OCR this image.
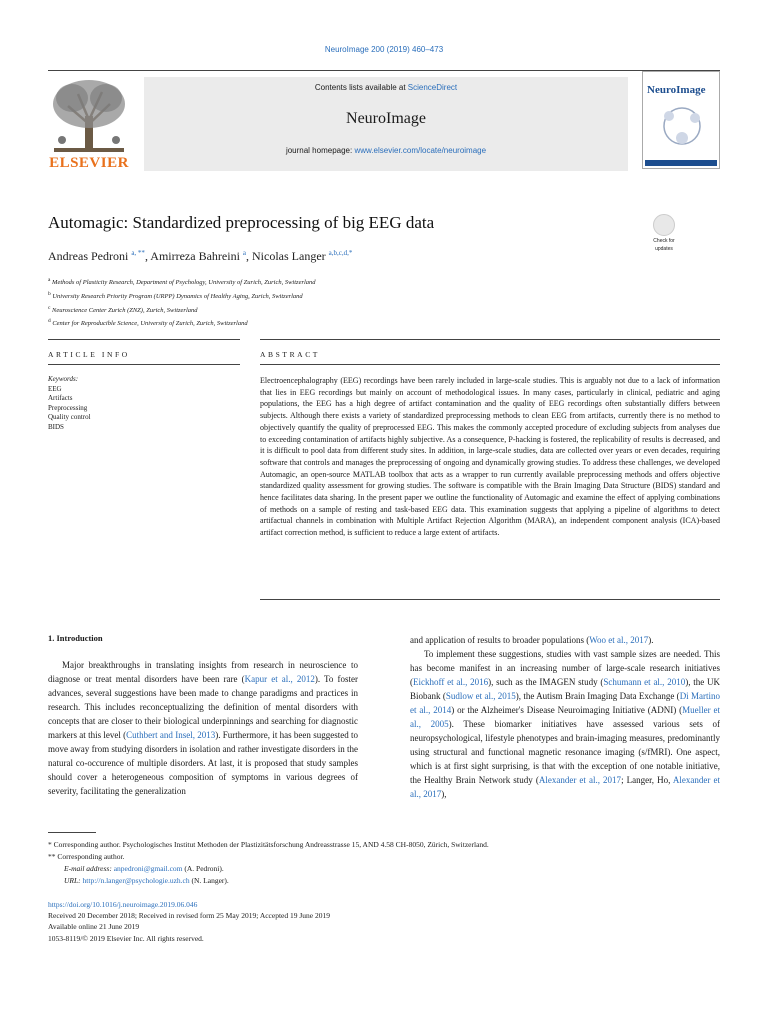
NeuroImage 200 (2019) 460–473
ELSEVIER
Contents lists available at ScienceDirect
NeuroImage
journal homepage: www.elsevier.com/locate/neuroimage
NeuroImage
Automagic: Standardized preprocessing of big EEG data
Check for
updates
Andreas Pedroni $^{a, **}$, Amirreza Bahreini $^a$, Nicolas Langer $^{a,b,c,d,*}$
$^a$ Methods of Plasticity Research, Department of Psychology, University of Zurich, Zurich, Switzerland
$^b$ University Research Priority Program (URPP) Dynamics of Healthy Aging, Zurich, Switzerland
$^c$ Neuroscience Center Zurich (ZNZ), Zurich, Switzerland
$^d$ Center for Reproducible Science, University of Zurich, Zurich, Switzerland
ARTICLE INFO	ABSTRACT
Keywords:
EEG
Artifacts
Preprocessing
Quality control
BIDS
Electroencephalography (EEG) recordings have been rarely included in large-scale studies. This is arguably not due to a lack of information that lies in EEG recordings but mainly on account of methodological issues. In many cases, particularly in clinical, pediatric and aging populations, the EEG has a high degree of artifact contamination and the quality of EEG recordings often substantially differs between subjects. Although there exists a variety of standardized preprocessing methods to clean EEG from artifacts, currently there is no method to objectively quantify the quality of preprocessed EEG. This makes the commonly accepted procedure of excluding subjects from analyses due to exceeding contamination of artifacts highly subjective. As a consequence, P-hacking is fostered, the replicability of results is decreased, and it is difficult to pool data from different study sites. In addition, in large-scale studies, data are collected over years or even decades, requiring software that controls and manages the preprocessing of ongoing and dynamically growing studies. To address these challenges, we developed Automagic, an open-source MATLAB toolbox that acts as a wrapper to run currently available preprocessing methods and offers objective standardized quality assessment for growing studies. The software is compatible with the Brain Imaging Data Structure (BIDS) standard and hence facilitates data sharing. In the present paper we outline the functionality of Automagic and examine the effect of applying combinations of methods on a sample of resting and task-based EEG data. This examination suggests that applying a pipeline of algorithms to detect artifactual channels in combination with Multiple Artifact Rejection Algorithm (MARA), an independent component analysis (ICA)-based artifact correction method, is sufficient to reduce a large extent of artifacts.
1. Introduction

Major breakthroughs in translating insights from research in neuroscience to diagnose or treat mental disorders have been rare (Kapur et al., 2012). To foster advances, several suggestions have been made to change paradigms and practices in research. This includes reconceptualizing the definition of mental disorders with concepts that are closer to their biological underpinnings and searching for diagnostic markers at this level (Cuthbert and Insel, 2013). Furthermore, it has been suggested to move away from studying disorders in isolation and rather investigate disorders in the natural co-occurence of multiple disorders. At last, it is proposed that study samples should cover a heterogeneous composition of symptoms in various degrees of severity, facilitating the generalization

and application of results to broader populations (Woo et al., 2017).

To implement these suggestions, studies with vast sample sizes are needed. This has become manifest in an increasing number of large-scale research initiatives (Eickhoff et al., 2016), such as the IMAGEN study (Schumann et al., 2010), the UK Biobank (Sudlow et al., 2015), the Autism Brain Imaging Data Exchange (Di Martino et al., 2014) or the Alzheimer's Disease Neuroimaging Initiative (ADNI) (Mueller et al., 2005). These biomarker initiatives have assessed various sets of neuropsychological, lifestyle phenotypes and brain-imaging measures, predominantly using structural and functional magnetic resonance imaging (s/fMRI). One aspect, which is at first sight surprising, is that with the exception of one notable initiative, the Healthy Brain Network study (Alexander et al., 2017; Langer, Ho, Alexander et al., 2017),

* Corresponding author. Psychologisches Institut Methoden der Plastizitätsforschung Andreasstrasse 15, AND 4.58 CH-8050, Zürich, Switzerland.
** Corresponding author.
E-mail address: anpedroni@gmail.com (A. Pedroni).
URL: http://n.langer@psychologie.uzh.ch (N. Langer).
https://doi.org/10.1016/j.neuroimage.2019.06.046
Received 20 December 2018; Received in revised form 25 May 2019; Accepted 19 June 2019
Available online 21 June 2019
1053-8119/© 2019 Elsevier Inc. All rights reserved.
